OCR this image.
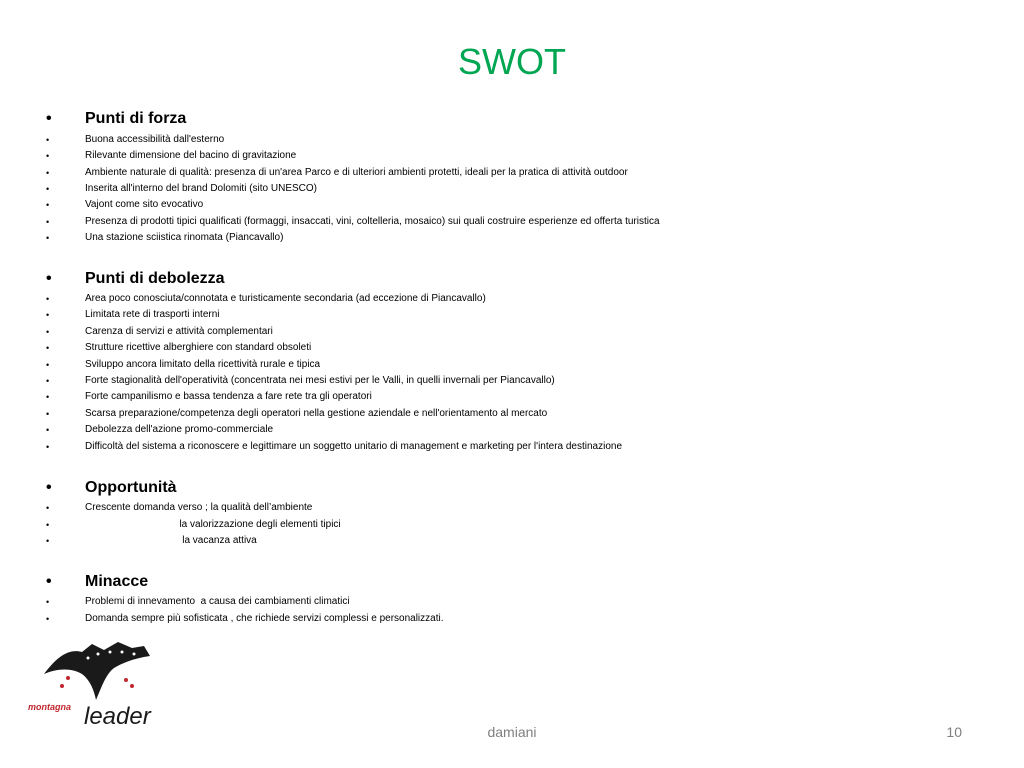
SWOT
• Punti di forza
•	Buona accessibilità dall'esterno
•	Rilevante dimensione del bacino di gravitazione
•	Ambiente naturale di qualità: presenza di un'area Parco e di ulteriori ambienti protetti, ideali per la pratica di attività outdoor
•	Inserita all'interno del brand Dolomiti (sito UNESCO)
•	Vajont come sito evocativo
•	Presenza di prodotti tipici qualificati (formaggi, insaccati, vini, coltelleria, mosaico) sui quali costruire esperienze ed offerta turistica
•	Una stazione sciistica rinomata (Piancavallo)
• Punti di debolezza
•	Area poco conosciuta/connotata e turisticamente secondaria (ad eccezione di Piancavallo)
•	Limitata rete di trasporti interni
•	Carenza di servizi e attività complementari
•	Strutture ricettive alberghiere con standard obsoleti
•	Sviluppo ancora limitato della ricettività rurale e tipica
•	Forte stagionalità dell'operatività (concentrata nei mesi estivi per le Valli, in quelli invernali per Piancavallo)
•	Forte campanilismo e bassa tendenza a fare rete tra gli operatori
•	Scarsa preparazione/competenza degli operatori nella gestione aziendale e nell'orientamento al mercato
•	Debolezza dell'azione promo-commerciale
•	Difficoltà del sistema a riconoscere e legittimare un soggetto unitario di management e marketing per l'intera destinazione
• Opportunità
•	Crescente domanda verso ; la qualità dell’ambiente
•	la valorizzazione degli elementi tipici
•	la vacanza attiva
• Minacce
•	Problemi di innevamento  a causa dei cambiamenti climatici
•	Domanda sempre più sofisticata , che richiede servizi complessi e personalizzati.
montagna leader
damiani	10
